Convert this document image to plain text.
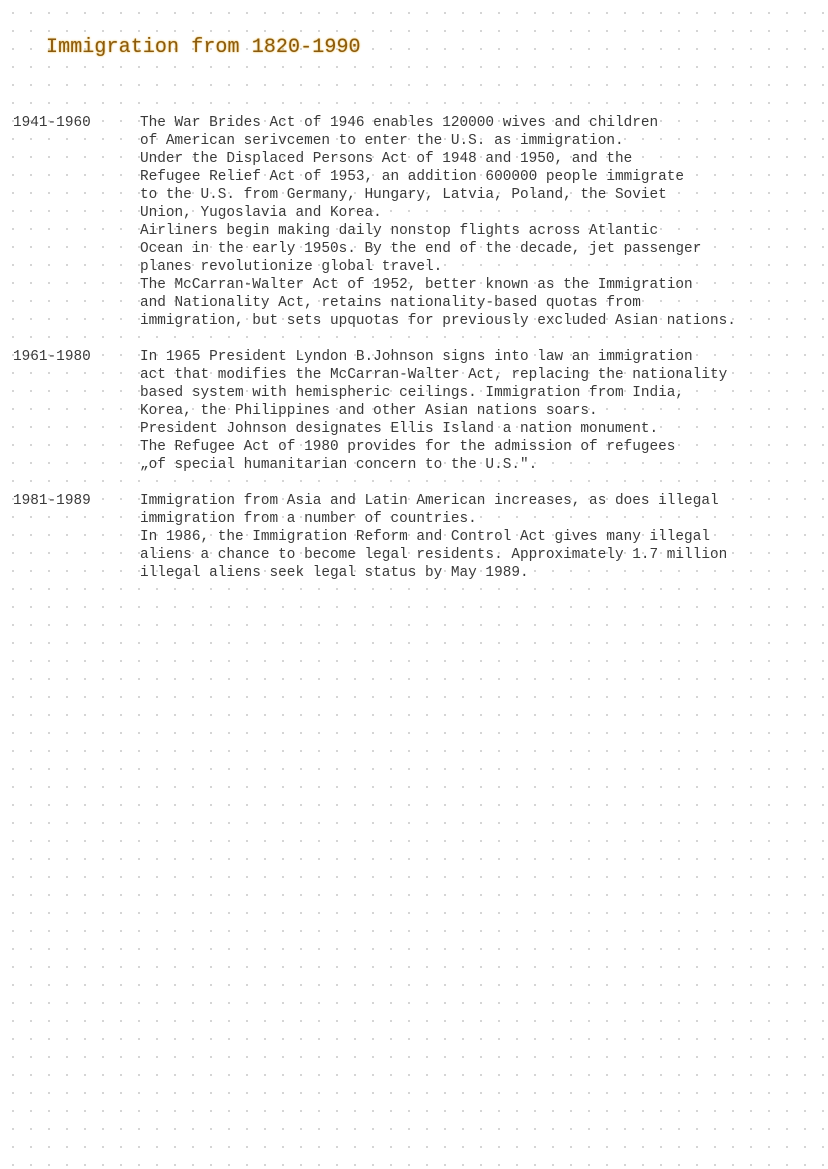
Immigration from 1820-1990
1941-1960	The War Brides Act of 1946 enables 120000 wives and children
of American serivcemen to enter the U.S. as immigration.
Under the Displaced Persons Act of 1948 and 1950, and the
Refugee Relief Act of 1953, an addition 600000 people immigrate
to the U.S. from Germany, Hungary, Latvia, Poland, the Soviet
Union, Yugoslavia and Korea.
Airliners begin making daily nonstop flights across Atlantic
Ocean in the early 1950s. By the end of the decade, jet passenger
planes revolutionize global travel.
The McCarran-Walter Act of 1952, better known as the Immigration
and Nationality Act, retains nationality-based quotas from
immigration, but sets upquotas for previously excluded Asian nations.
1961-1980	In 1965 President Lyndon B.Johnson signs into law an immigration
act that modifies the McCarran-Walter Act, replacing the nationality
based system with hemispheric ceilings. Immigration from India,
Korea, the Philippines and other Asian nations soars.
President Johnson designates Ellis Island a nation monument.
The Refugee Act of 1980 provides for the admission of refugees
„of special humanitarian concern to the U.S.".
1981-1989	Immigration from Asia and Latin American increases, as does illegal
immigration from a number of countries.
In 1986, the Immigration Reform and Control Act gives many illegal
aliens a chance to become legal residents. Approximately 1.7 million
illegal aliens seek legal status by May 1989.
